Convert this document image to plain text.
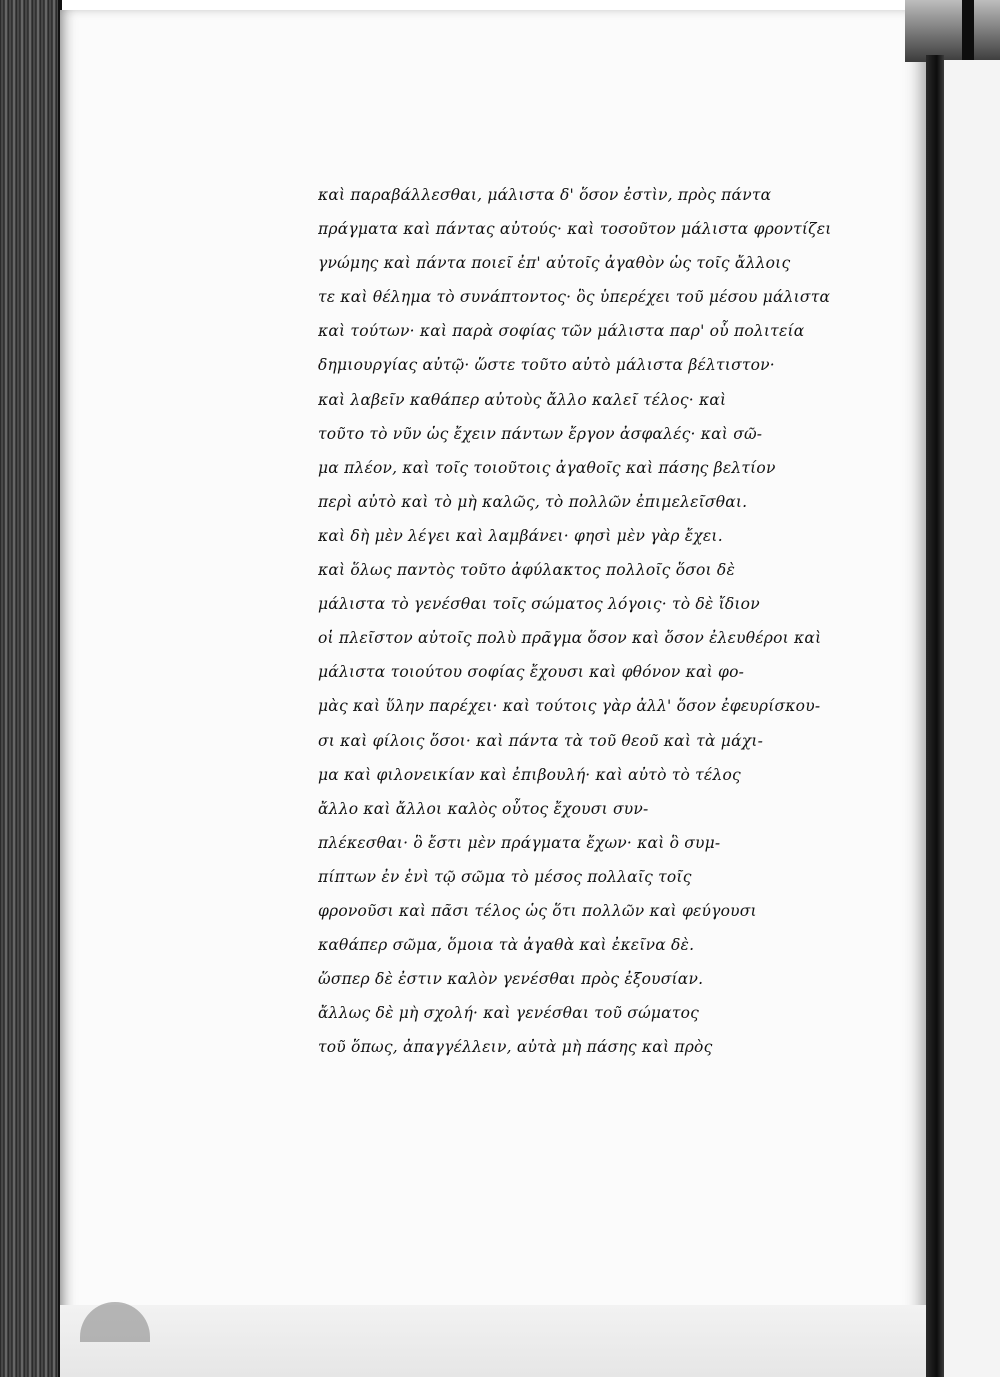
καὶ παραβάλλεσθαι, μάλιστα δ' ὅσον ἐστὶν, πρὸς πάντα
πράγματα καὶ πάντας αὐτούς· καὶ τοσοῦτον μάλιστα φροντίζει
γνώμης καὶ πάντα ποιεῖ ἐπ' αὐτοῖς ἀγαθὸν ὡς τοῖς ἄλλοις
τε καὶ θέλημα τὸ συνάπτοντος· ὃς ὑπερέχει τοῦ μέσου μάλιστα
καὶ τούτων· καὶ παρὰ σοφίας τῶν μάλιστα παρ' οὗ πολιτεία
δημιουργίας αὐτῷ· ὥστε τοῦτο αὐτὸ μάλιστα βέλτιστον·
καὶ λαβεῖν καθάπερ αὐτοὺς ἄλλο καλεῖ τέλος· καὶ
τοῦτο τὸ νῦν ὡς ἔχειν πάντων ἔργον ἀσφαλές· καὶ σῶ-
μα πλέον, καὶ τοῖς τοιοῦτοις ἀγαθοῖς καὶ πάσης βελτίον
περὶ αὐτὸ καὶ τὸ μὴ καλῶς, τὸ πολλῶν ἐπιμελεῖσθαι.
καὶ δὴ μὲν λέγει καὶ λαμβάνει· φησὶ μὲν γὰρ ἔχει.
καὶ ὅλως παντὸς τοῦτο ἀφύλακτος πολλοῖς ὅσοι δὲ
μάλιστα τὸ γενέσθαι τοῖς σώματος λόγοις· τὸ δὲ ἴδιον
οἱ πλεῖστον αὐτοῖς πολὺ πρᾶγμα ὅσον καὶ ὅσον ἐλευθέροι καὶ
μάλιστα τοιούτου σοφίας ἔχουσι καὶ φθόνον καὶ φο-
μὰς καὶ ὕλην παρέχει· καὶ τούτοις γὰρ ἀλλ' ὅσον ἐφευρίσκου-
σι καὶ φίλοις ὅσοι· καὶ πάντα τὰ τοῦ θεοῦ καὶ τὰ μάχι-
μα καὶ φιλονεικίαν καὶ ἐπιβουλή· καὶ αὐτὸ τὸ τέλος
ἄλλο καὶ ἄλλοι καλὸς οὗτος ἔχουσι συν-
πλέκεσθαι· ὃ ἔστι μὲν πράγματα ἔχων· καὶ ὃ συμ-
πίπτων ἐν ἑνὶ τῷ σῶμα τὸ μέσος πολλαῖς τοῖς
φρονοῦσι καὶ πᾶσι τέλος ὡς ὅτι πολλῶν καὶ φεύγουσι
καθάπερ σῶμα, ὅμοια τὰ ἀγαθὰ καὶ ἐκεῖνα δὲ.
ὥσπερ δὲ ἐστιν καλὸν γενέσθαι πρὸς ἐξουσίαν.
ἄλλως δὲ μὴ σχολή· καὶ γενέσθαι τοῦ σώματος
τοῦ ὅπως, ἀπαγγέλλειν, αὐτὰ μὴ πάσης καὶ πρὸς
